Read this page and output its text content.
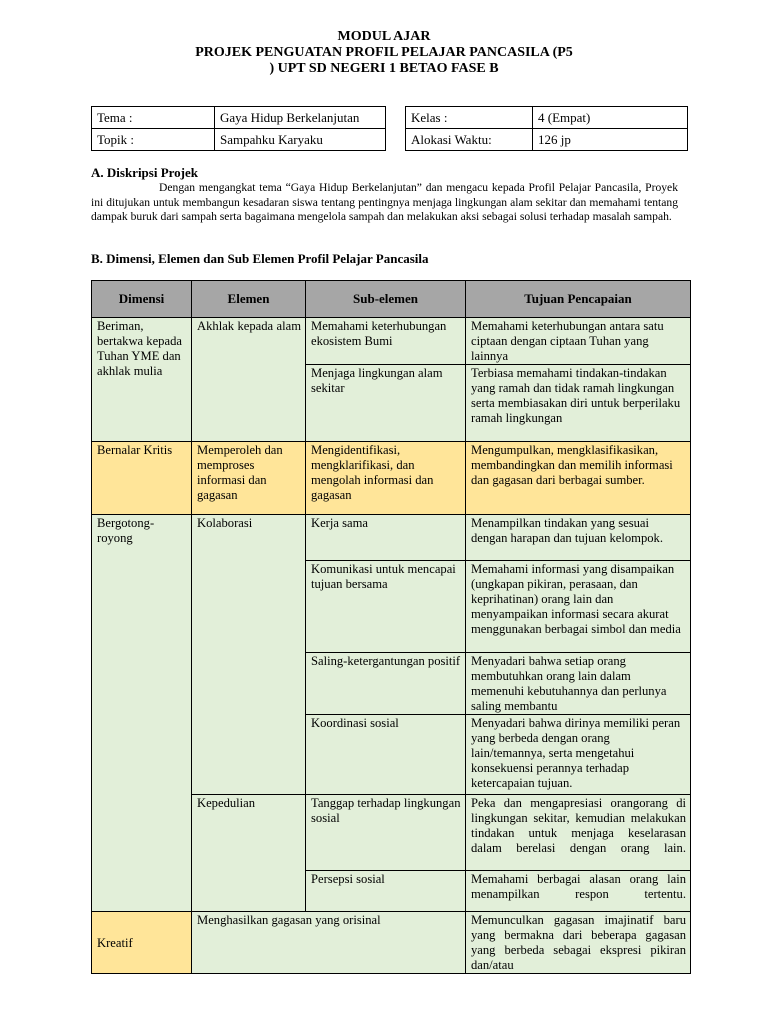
MODUL AJAR
PROJEK PENGUATAN PROFIL PELAJAR PANCASILA (P5
) UPT SD NEGERI 1 BETAO FASE B
Tema :	Gaya Hidup Berkelanjutan
Topik :	Sampahku Karyaku
Kelas :	4 (Empat)
Alokasi Waktu:	126 jp
A. Diskripsi Projek
Dengan mengangkat tema “Gaya Hidup Berkelanjutan” dan mengacu kepada Profil Pelajar Pancasila, Proyek ini ditujukan untuk membangun kesadaran siswa tentang pentingnya menjaga lingkungan alam sekitar dan memahami tentang dampak buruk dari sampah serta bagaimana mengelola sampah dan melakukan aksi sebagai solusi terhadap masalah sampah.
B. Dimensi, Elemen dan Sub Elemen Profil Pelajar Pancasila
Dimensi	Elemen	Sub-elemen	Tujuan Pencapaian
Beriman, bertakwa kepada Tuhan YME dan akhlak mulia	Akhlak kepada alam	Memahami keterhubungan ekosistem Bumi	Memahami keterhubungan antara satu ciptaan dengan ciptaan Tuhan yang lainnya
		Menjaga lingkungan alam sekitar	Terbiasa memahami tindakan-tindakan yang ramah dan tidak ramah lingkungan serta membiasakan diri untuk berperilaku ramah lingkungan
Bernalar Kritis	Memperoleh dan memproses informasi dan gagasan	Mengidentifikasi, mengklarifikasi, dan mengolah informasi dan gagasan	Mengumpulkan, mengklasifikasikan, membandingkan dan memilih informasi dan gagasan dari berbagai sumber.
Bergotong-royong	Kolaborasi	Kerja sama	Menampilkan tindakan yang sesuai dengan harapan dan tujuan kelompok.
		Komunikasi untuk mencapai tujuan bersama	Memahami informasi yang disampaikan (ungkapan pikiran, perasaan, dan keprihatinan) orang lain dan menyampaikan informasi secara akurat menggunakan berbagai simbol dan media
		Saling-ketergantungan positif	Menyadari bahwa setiap orang membutuhkan orang lain dalam memenuhi kebutuhannya dan perlunya saling membantu
		Koordinasi sosial	Menyadari bahwa dirinya memiliki peran yang berbeda dengan orang lain/temannya, serta mengetahui konsekuensi perannya terhadap ketercapaian tujuan.
	Kepedulian	Tanggap terhadap lingkungan sosial	Peka dan mengapresiasi orangorang di lingkungan sekitar, kemudian melakukan tindakan untuk menjaga keselarasan dalam berelasi dengan orang lain.
		Persepsi sosial	Memahami berbagai alasan orang lain menampilkan respon tertentu.
Kreatif	Menghasilkan gagasan yang orisinal		Memunculkan gagasan imajinatif baru yang bermakna dari beberapa gagasan yang berbeda sebagai ekspresi pikiran dan/atau
